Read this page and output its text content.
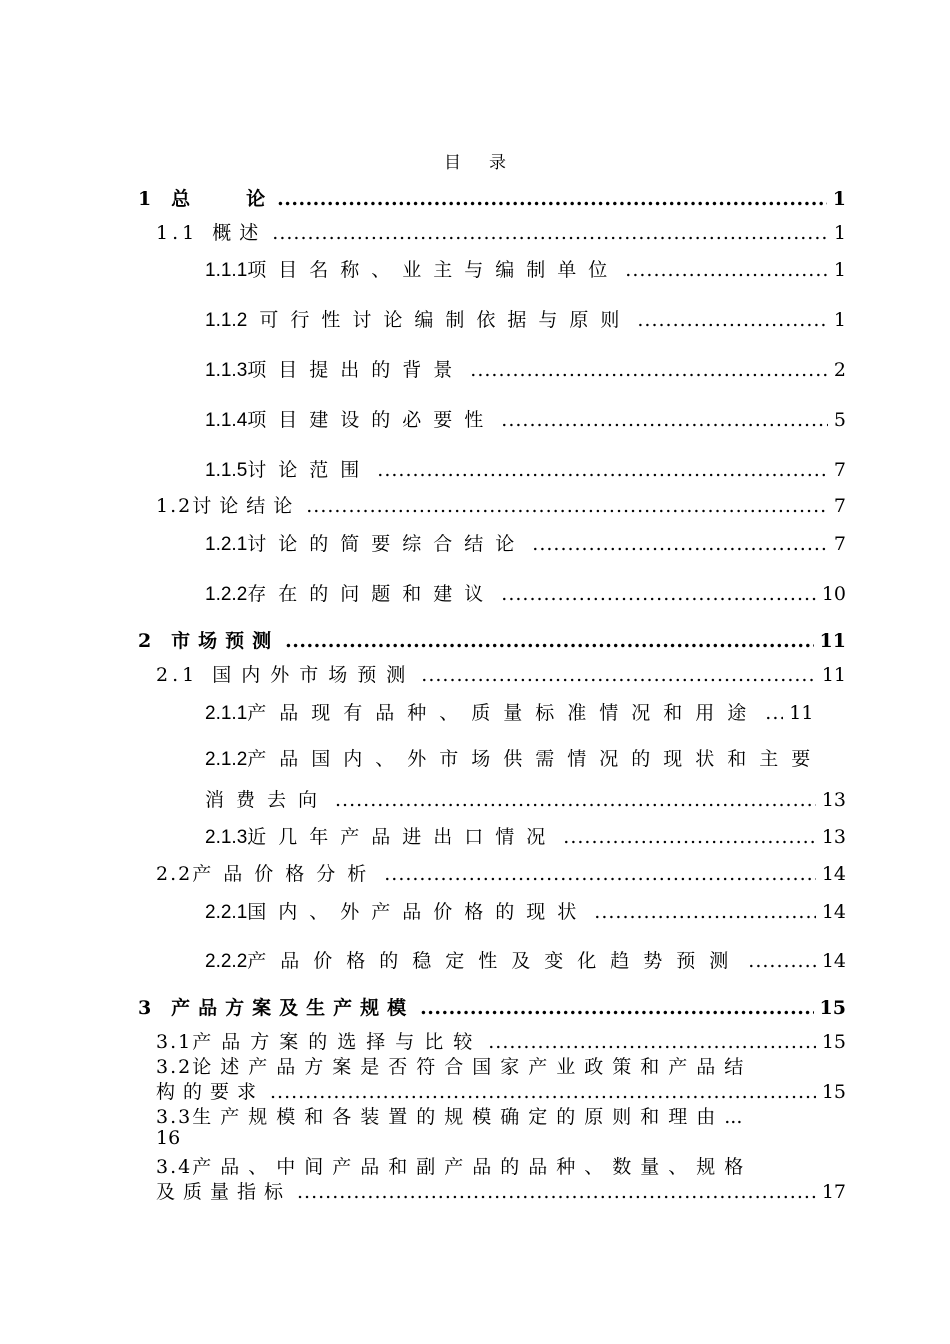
目录
1 总　　论 .....	1
1.1 概述 .....	1
1.1.1项目名称、业主与编制单位 .....	1
1.1.2 可行性讨论编制依据与原则 .....	1
1.1.3项目提出的背景 .....	2
1.1.4项目建设的必要性 .....	5
1.1.5讨论范围 .....	7
1.2讨论结论 .....	7
1.2.1讨论的简要综合结论 .....	7
1.2.2存在的问题和建议 .....	10
2 市场预测 .....	11
2.1 国内外市场预测 .....	11
2.1.1产品现有品种、质量标准情况和用途 ..... 11
2.1.2产品国内、外市场供需情况的现状和主要
消费去向 .....	13
2.1.3近几年产品进出口情况 .....	13
2.2产品价格分析 .....	14
2.2.1国内、外产品价格的现状 .....	14
2.2.2产品价格的稳定性及变化趋势预测 .....	14
3 产品方案及生产规模 .....	15
3.1产品方案的选择与比较 .....	15
3.2论述产品方案是否符合国家产业政策和产品结
构的要求 .....	15
3.3生产规模和各装置的规模确定的原则和理由...
16
3.4产品、中间产品和副产品的品种、数量、规格
及质量指标 .....	17
